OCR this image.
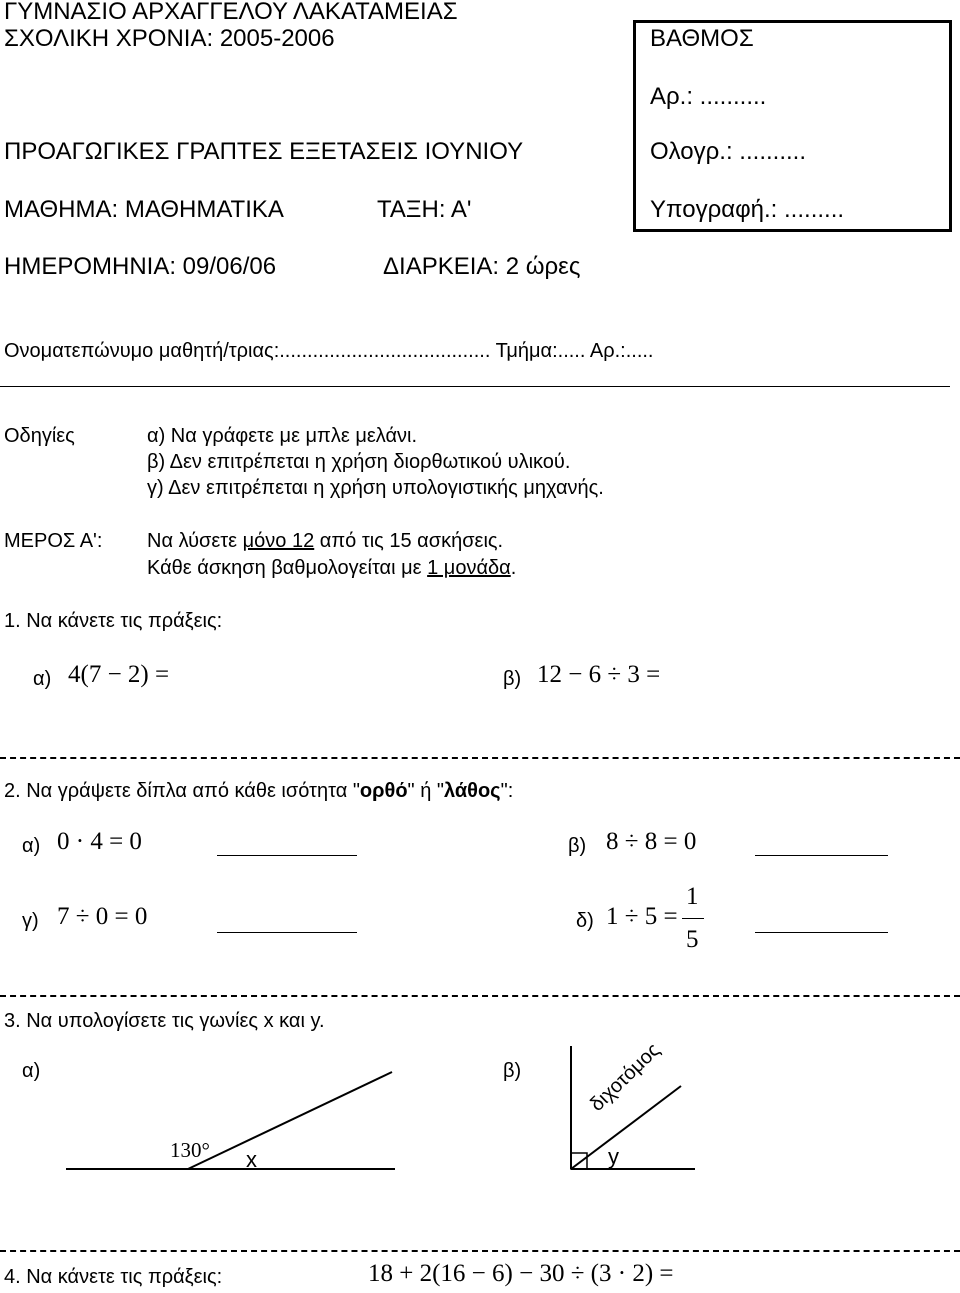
ΓΥΜΝΑΣΙΟ ΑΡΧΑΓΓΕΛΟΥ ΛΑΚΑΤΑΜΕΙΑΣ
ΣΧΟΛΙΚΗ ΧΡΟΝΙΑ: 2005-2006
ΠΡΟΑΓΩΓΙΚΕΣ ΓΡΑΠΤΕΣ ΕΞΕΤΑΣΕΙΣ ΙΟΥΝΙΟΥ
ΜΑΘΗΜΑ: ΜΑΘΗΜΑΤΙΚΑ	ΤΑΞΗ: Α'
ΗΜΕΡΟΜΗΝΙΑ: 09/06/06	ΔΙΑΡΚΕΙΑ: 2 ώρες
ΒΑΘΜΟΣ
Αρ.: ..........
Ολογρ.: ..........
Υπογραφή.: .........
Ονοματεπώνυμο μαθητή/τριας:...................................... Τμήμα:..... Αρ.:.....
Οδηγίες	α) Να γράφετε με μπλε μελάνι.
β) Δεν επιτρέπεται η χρήση διορθωτικού υλικού.
γ) Δεν επιτρέπεται η χρήση υπολογιστικής μηχανής.
ΜΕΡΟΣ Α': Να λύσετε μόνο 12 από τις 15 ασκήσεις.
Κάθε άσκηση βαθμολογείται με 1 μονάδα.
1. Να κάνετε τις πράξεις:
α) 4(7 − 2) =	β) 12 − 6 ÷ 3 =
2. Να γράψετε δίπλα από κάθε ισότητα "ορθό" ή "λάθος":
α) 0 · 4 = 0	β) 8 ÷ 8 = 0
γ) 7 ÷ 0 = 0	δ) 1 ÷ 5 =
1
5
3. Να υπολογίσετε τις γωνίες x και y.
α)	β)
130° x	y
διχοτόμος
4. Να κάνετε τις πράξεις:	18 + 2(16 − 6) − 30 ÷ (3 · 2) =
